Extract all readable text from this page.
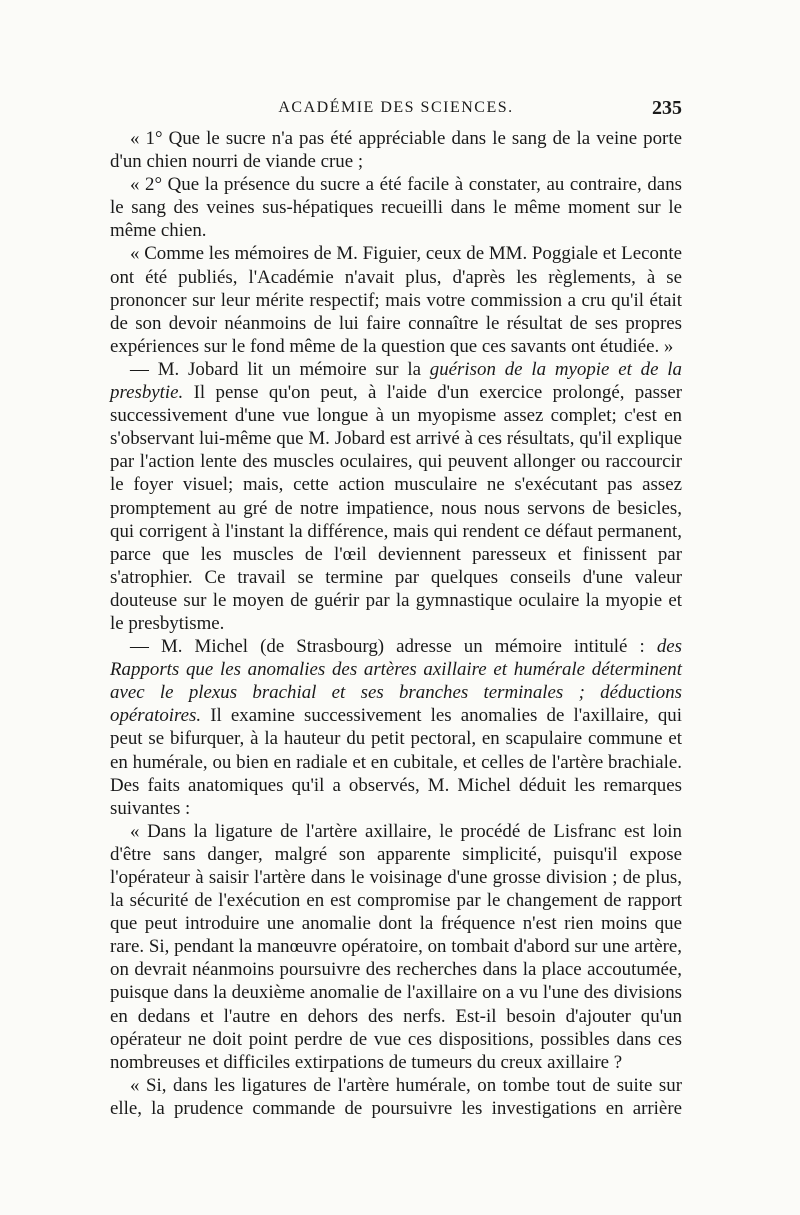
ACADÉMIE DES SCIENCES.	235

« 1° Que le sucre n'a pas été appréciable dans le sang de la veine porte d'un chien nourri de viande crue ;

« 2° Que la présence du sucre a été facile à constater, au contraire, dans le sang des veines sus-hépatiques recueilli dans le même moment sur le même chien.

« Comme les mémoires de M. Figuier, ceux de MM. Poggiale et Leconte ont été publiés, l'Académie n'avait plus, d'après les règlements, à se prononcer sur leur mérite respectif; mais votre commission a cru qu'il était de son devoir néanmoins de lui faire connaître le résultat de ses propres expériences sur le fond même de la question que ces savants ont étudiée. »

— M. Jobard lit un mémoire sur la guérison de la myopie et de la presbytie. Il pense qu'on peut, à l'aide d'un exercice prolongé, passer successivement d'une vue longue à un myopisme assez complet; c'est en s'observant lui-même que M. Jobard est arrivé à ces résultats, qu'il explique par l'action lente des muscles oculaires, qui peuvent allonger ou raccourcir le foyer visuel; mais, cette action musculaire ne s'exécutant pas assez promptement au gré de notre impatience, nous nous servons de besicles, qui corrigent à l'instant la différence, mais qui rendent ce défaut permanent, parce que les muscles de l'œil deviennent paresseux et finissent par s'atrophier. Ce travail se termine par quelques conseils d'une valeur douteuse sur le moyen de guérir par la gymnastique oculaire la myopie et le presbytisme.

— M. Michel (de Strasbourg) adresse un mémoire intitulé : des Rapports que les anomalies des artères axillaire et humérale déterminent avec le plexus brachial et ses branches terminales ; déductions opératoires. Il examine successivement les anomalies de l'axillaire, qui peut se bifurquer, à la hauteur du petit pectoral, en scapulaire commune et en humérale, ou bien en radiale et en cubitale, et celles de l'artère brachiale. Des faits anatomiques qu'il a observés, M. Michel déduit les remarques suivantes :

« Dans la ligature de l'artère axillaire, le procédé de Lisfranc est loin d'être sans danger, malgré son apparente simplicité, puisqu'il expose l'opérateur à saisir l'artère dans le voisinage d'une grosse division ; de plus, la sécurité de l'exécution en est compromise par le changement de rapport que peut introduire une anomalie dont la fréquence n'est rien moins que rare. Si, pendant la manœuvre opératoire, on tombait d'abord sur une artère, on devrait néanmoins poursuivre des recherches dans la place accoutumée, puisque dans la deuxième anomalie de l'axillaire on a vu l'une des divisions en dedans et l'autre en dehors des nerfs. Est-il besoin d'ajouter qu'un opérateur ne doit point perdre de vue ces dispositions, possibles dans ces nombreuses et difficiles extirpations de tumeurs du creux axillaire ?

« Si, dans les ligatures de l'artère humérale, on tombe tout de suite sur elle, la prudence commande de poursuivre les investigations en arrière
